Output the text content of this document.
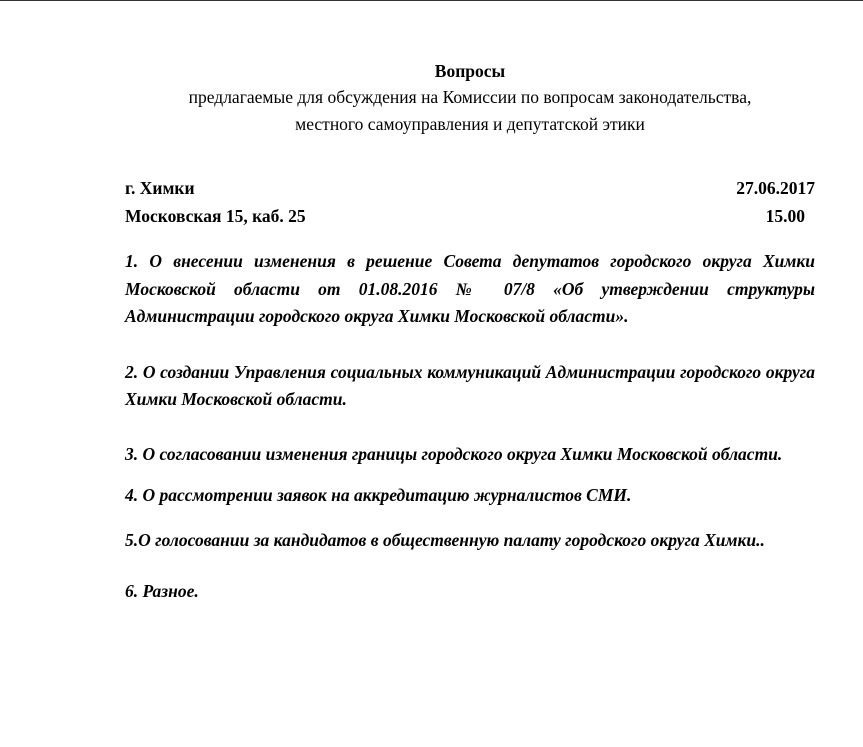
Вопросы

предлагаемые для обсуждения на Комиссии по вопросам законодательства,

местного самоуправления и депутатской этики

г. Химки	27.06.2017
Московская 15, каб. 25	15.00

1. О внесении изменения в решение Совета депутатов городского округа Химки Московской области от 01.08.2016 № 07/8 «Об утверждении структуры Администрации городского округа Химки Московской области».

2. О создании Управления социальных коммуникаций Администрации городского округа Химки Московской области.

3. О согласовании изменения границы городского округа Химки Московской области.

4. О рассмотрении заявок на аккредитацию журналистов СМИ.

5.О голосовании за кандидатов в общественную палату городского округа Химки..

6. Разное.
